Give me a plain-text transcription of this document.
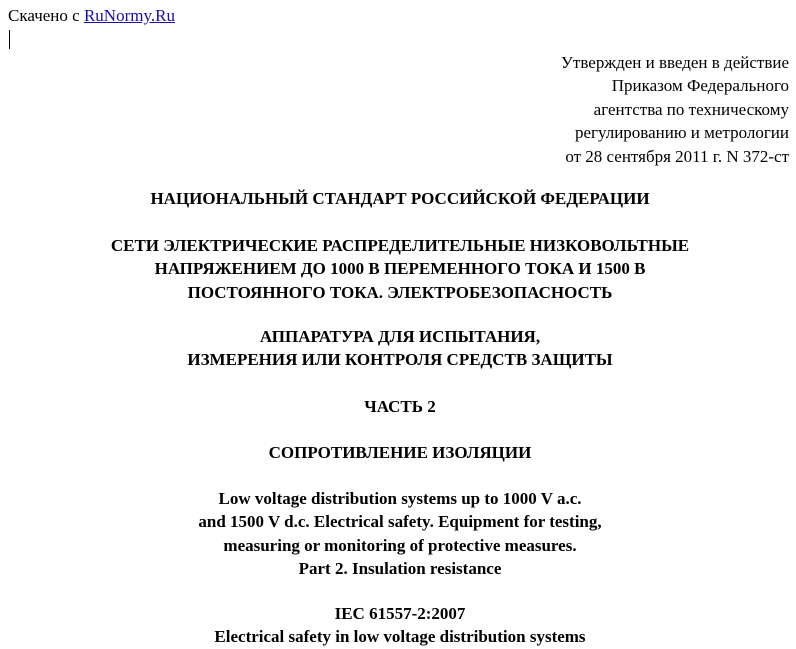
Скачено с RuNormy.Ru
Утвержден и введен в действие
Приказом Федерального
агентства по техническому
регулированию и метрологии
от 28 сентября 2011 г. N 372-ст
НАЦИОНАЛЬНЫЙ СТАНДАРТ РОССИЙСКОЙ ФЕДЕРАЦИИ
СЕТИ ЭЛЕКТРИЧЕСКИЕ РАСПРЕДЕЛИТЕЛЬНЫЕ НИЗКОВОЛЬТНЫЕ
НАПРЯЖЕНИЕМ ДО 1000 В ПЕРЕМЕННОГО ТОКА И 1500 В
ПОСТОЯННОГО ТОКА. ЭЛЕКТРОБЕЗОПАСНОСТЬ
АППАРАТУРА ДЛЯ ИСПЫТАНИЯ,
ИЗМЕРЕНИЯ ИЛИ КОНТРОЛЯ СРЕДСТВ ЗАЩИТЫ
ЧАСТЬ 2
СОПРОТИВЛЕНИЕ ИЗОЛЯЦИИ
Low voltage distribution systems up to 1000 V a.c.
and 1500 V d.c. Electrical safety. Equipment for testing,
measuring or monitoring of protective measures.
Part 2. Insulation resistance
IEC 61557-2:2007
Electrical safety in low voltage distribution systems
